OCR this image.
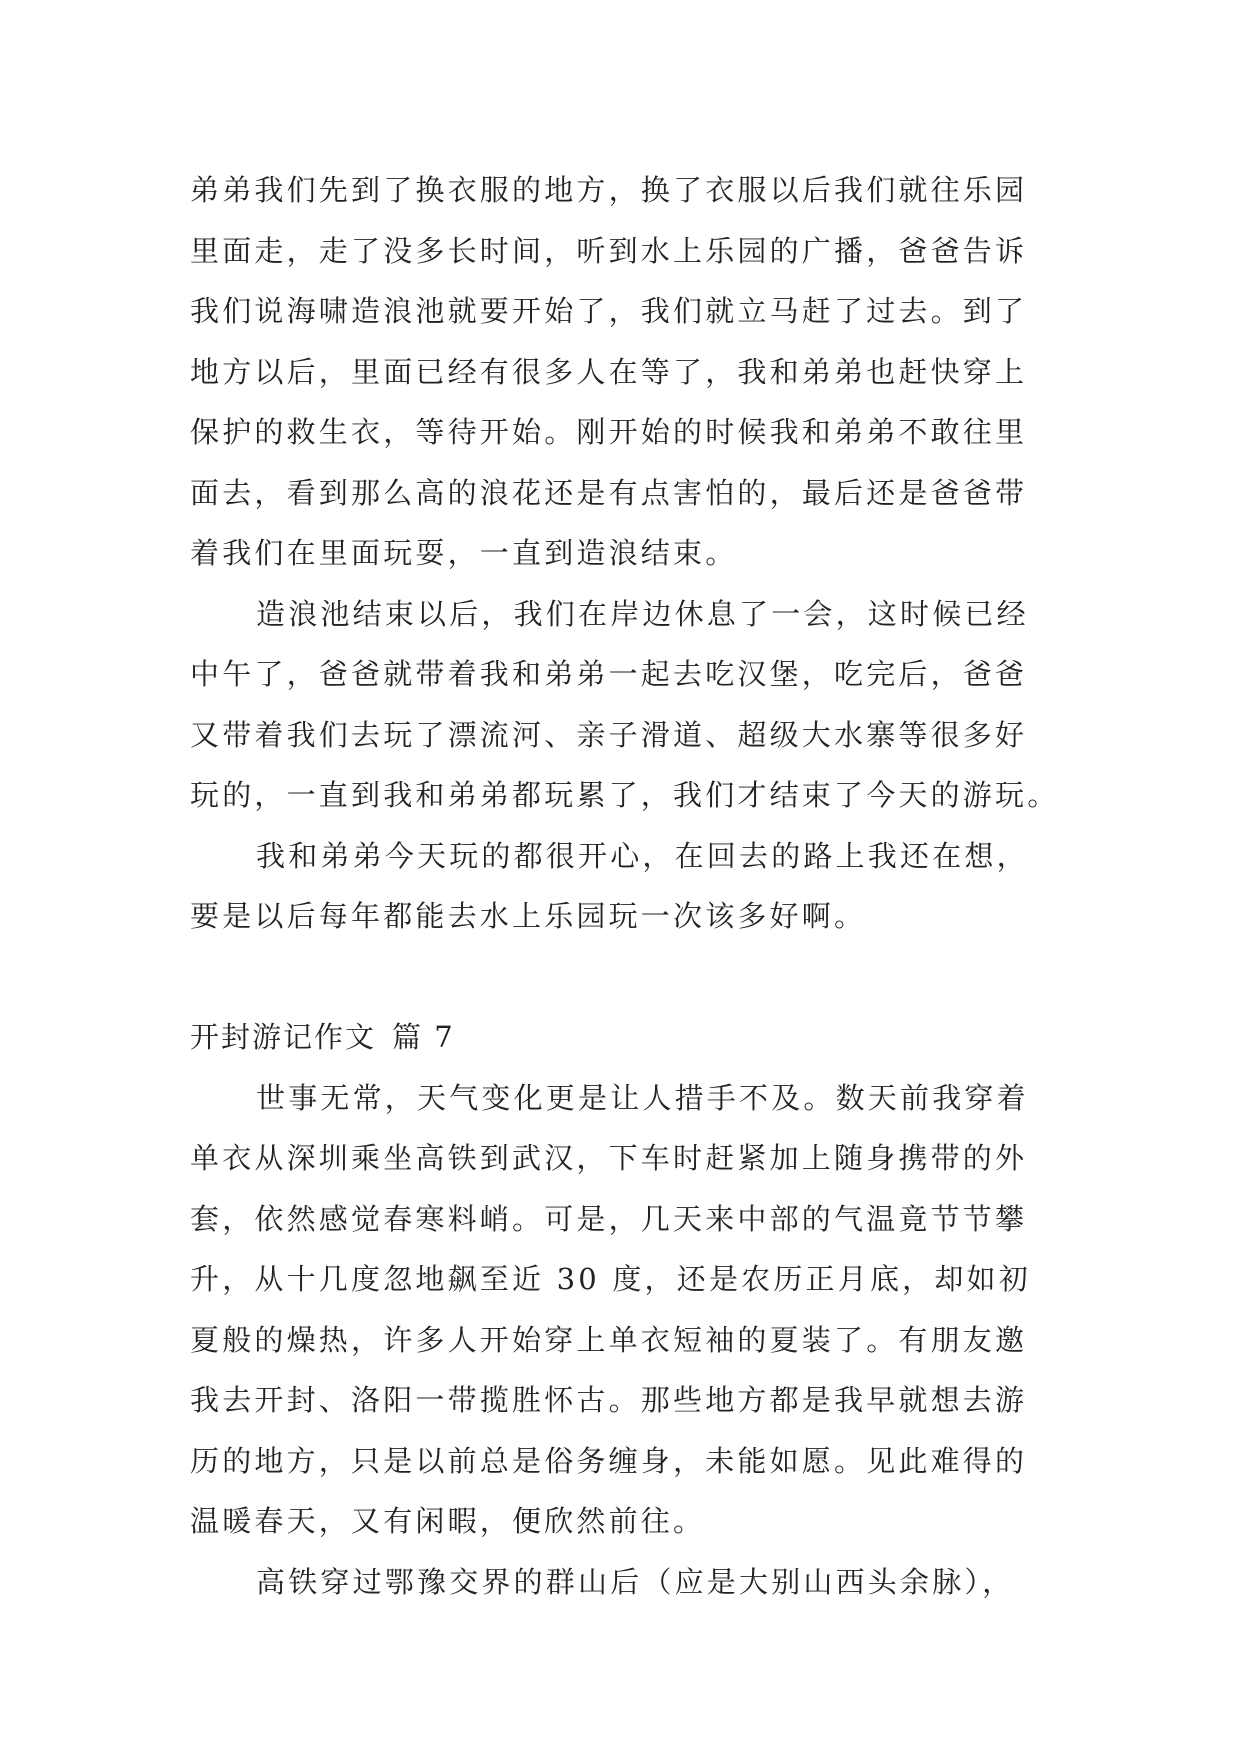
弟弟我们先到了换衣服的地方，换了衣服以后我们就往乐园
里面走，走了没多长时间，听到水上乐园的广播，爸爸告诉
我们说海啸造浪池就要开始了，我们就立马赶了过去。到了
地方以后，里面已经有很多人在等了，我和弟弟也赶快穿上
保护的救生衣，等待开始。刚开始的时候我和弟弟不敢往里
面去，看到那么高的浪花还是有点害怕的，最后还是爸爸带
着我们在里面玩耍，一直到造浪结束。
造浪池结束以后，我们在岸边休息了一会，这时候已经
中午了，爸爸就带着我和弟弟一起去吃汉堡，吃完后，爸爸
又带着我们去玩了漂流河、亲子滑道、超级大水寨等很多好
玩的，一直到我和弟弟都玩累了，我们才结束了今天的游玩。
我和弟弟今天玩的都很开心，在回去的路上我还在想，
要是以后每年都能去水上乐园玩一次该多好啊。
开封游记作文 篇 7
世事无常，天气变化更是让人措手不及。数天前我穿着
单衣从深圳乘坐高铁到武汉，下车时赶紧加上随身携带的外
套，依然感觉春寒料峭。可是，几天来中部的气温竟节节攀
升，从十几度忽地飙至近 30 度，还是农历正月底，却如初
夏般的燥热，许多人开始穿上单衣短袖的夏装了。有朋友邀
我去开封、洛阳一带揽胜怀古。那些地方都是我早就想去游
历的地方，只是以前总是俗务缠身，未能如愿。见此难得的
温暖春天，又有闲暇，便欣然前往。
高铁穿过鄂豫交界的群山后（应是大别山西头余脉），
